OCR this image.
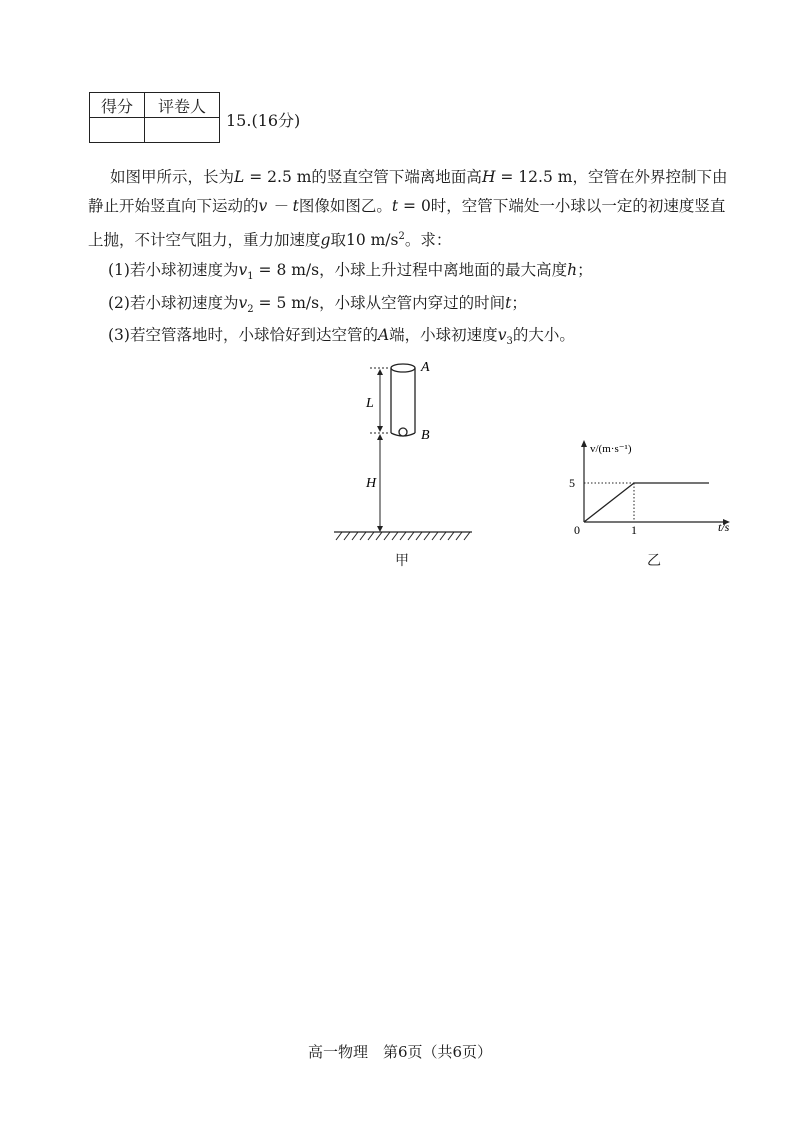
得分	评卷人

15.(16分)
如图甲所示，长为L = 2.5 m的竖直空管下端离地面高H = 12.5 m，空管在外界控制下由
静止开始竖直向下运动的v － t图像如图乙。t = 0时，空管下端处一小球以一定的初速度竖直
上抛，不计空气阻力，重力加速度g取10 $m/s^2$。求：
(1)若小球初速度为$v_1 = 8$ m/s，小球上升过程中离地面的最大高度h；
(2)若小球初速度为$v_2 = 5$ m/s，小球从空管内穿过的时间t；
(3)若空管落地时，小球恰好到达空管的A端，小球初速度$v_3$的大小。
A
B
L
H
甲
v/(m·s⁻¹)
t/s
0	1
5
乙
高一物理　第6页（共6页）
